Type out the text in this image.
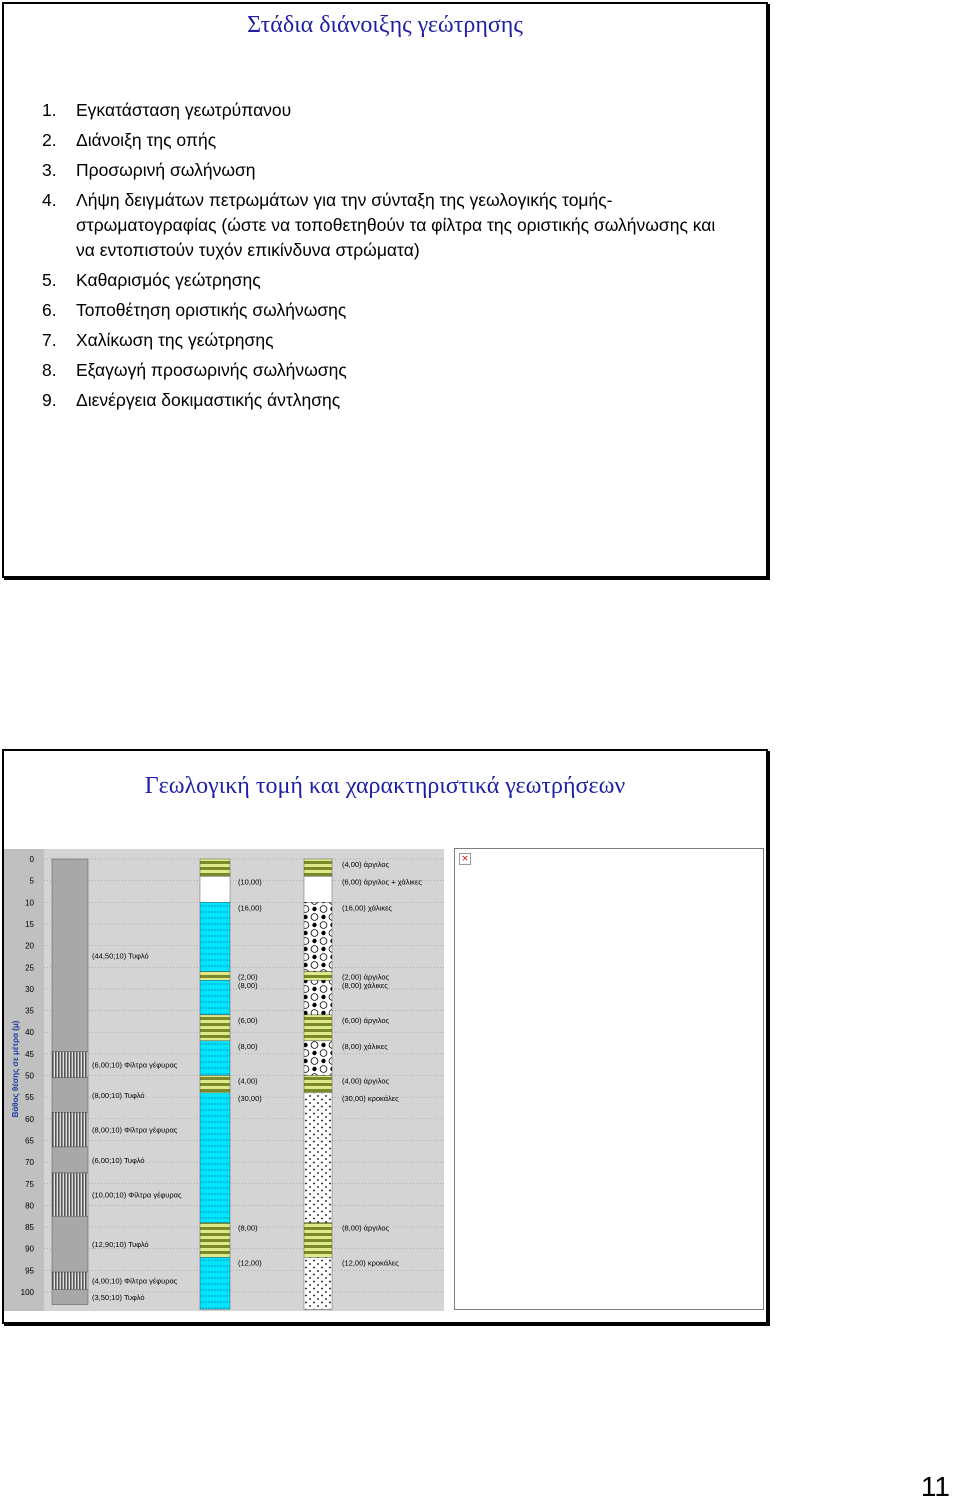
Στάδια διάνοιξης γεώτρησης
1. Εγκατάσταση γεωτρύπανου
2. Διάνοιξη της οπής
3. Προσωρινή σωλήνωση
4. Λήψη δειγμάτων πετρωμάτων για την σύνταξη της γεωλογικής τομής-στρωματογραφίας (ώστε να τοποθετηθούν τα φίλτρα της οριστικής σωλήνωσης και να εντοπιστούν τυχόν επικίνδυνα στρώματα)
5. Καθαρισμός γεώτρησης
6. Τοποθέτηση οριστικής σωλήνωσης
7. Χαλίκωση της γεώτρησης
8. Εξαγωγή προσωρινής σωλήνωσης
9. Διενέργεια δοκιμαστικής άντλησης
Γεωλογική τομή και χαρακτηριστικά γεωτρήσεων
0
5
10
15
20
25
30
35
40
45
50
55
60
65
70
75
80
85
90
95
100
Βάθος θέσης σε μέτρα (μ)
(44,50;10) Τυφλό
(6,00;10) Φίλτρα γέφυρας
(8,00;10) Τυφλό
(8,00;10) Φίλτρα γέφυρας
(6,00;10) Τυφλό
(10,00;10) Φίλτρα γέφυρας
(12,90;10) Τυφλό
(4,00;10) Φίλτρα γέφυρας
(3,50;10) Τυφλό
(10,00)
(16,00)
(2,00)
(8,00)
(6,00)
(8,00)
(4,00)
(30,00)
(8,00)
(12,00)
(4,00) άργιλος
(6,00) άργιλος + χάλικες
(16,00) χάλικες
(2,00) άργιλος
(8,00) χάλικες
(6,00) άργιλος
(8,00) χάλικες
(4,00) άργιλος
(30,00) κροκάλες
(8,00) άργιλος
(12,00) κροκάλες
×
11
